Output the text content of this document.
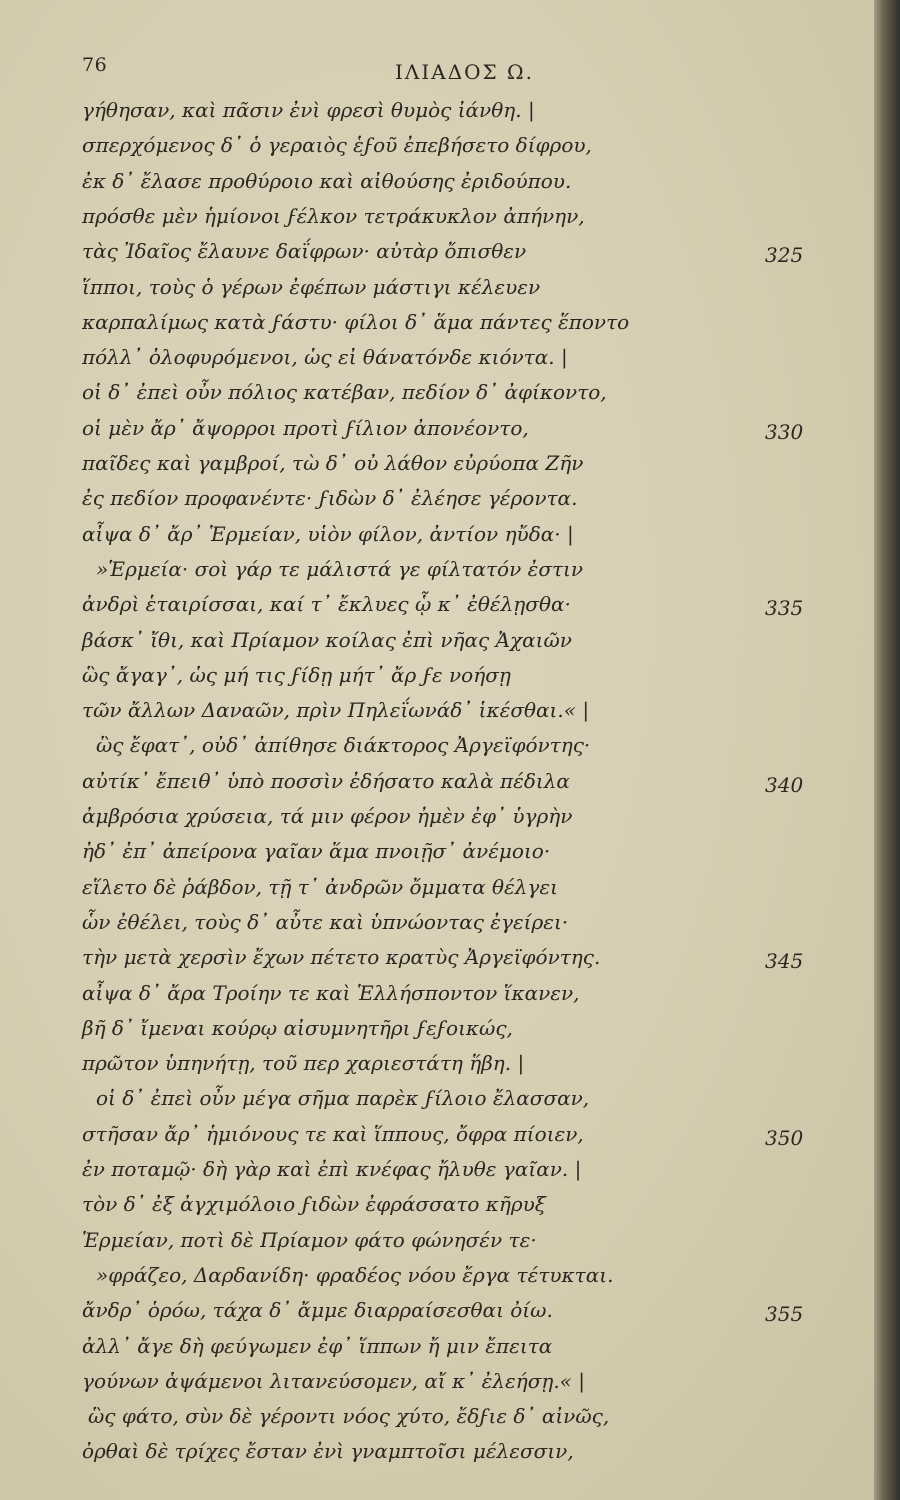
76	ΙΛΙΑΔΟΣ Ω.
γήθησαν, καὶ πᾶσιν ἐνὶ φρεσὶ θυμὸς ἰάνθη. |
σπερχόμενος δ᾽ ὁ γεραιὸς ἑϝοῦ ἐπεβήσετο δίφρου,
ἐκ δ᾽ ἔλασε προθύροιο καὶ αἰθούσης ἐριδούπου.
πρόσθε μὲν ἡμίονοι ϝέλκον τετράκυκλον ἀπήνην,
τὰς Ἰδαῖος ἔλαυνε δαΐφρων· αὐτὰρ ὄπισθεν	325
ἵπποι, τοὺς ὁ γέρων ἐφέπων μάστιγι κέλευεν
καρπαλίμως κατὰ ϝάστυ· φίλοι δ᾽ ἅμα πάντες ἕποντο
πόλλ᾽ ὀλοφυρόμενοι, ὡς εἰ θάνατόνδε κιόντα. |
οἱ δ᾽ ἐπεὶ οὖν πόλιος κατέβαν, πεδίον δ᾽ ἀφίκοντο,
οἱ μὲν ἄρ᾽ ἄψορροι προτὶ ϝίλιον ἀπονέοντο,	330
παῖδες καὶ γαμβροί, τὼ δ᾽ οὐ λάθον εὐρύοπα Ζῆν
ἐς πεδίον προφανέντε· ϝιδὼν δ᾽ ἐλέησε γέροντα.
αἶψα δ᾽ ἄρ᾽ Ἑρμείαν, υἱὸν φίλον, ἀντίον ηὔδα· |
»Ἑρμεία· σοὶ γάρ τε μάλιστά γε φίλτατόν ἐστιν
ἀνδρὶ ἑταιρίσσαι, καί τ᾽ ἔκλυες ᾧ κ᾽ ἐθέλῃσθα·	335
βάσκ᾽ ἴθι, καὶ Πρίαμον κοίλας ἐπὶ νῆας Ἀχαιῶν
ὣς ἄγαγ᾽, ὡς μή τις ϝίδῃ μήτ᾽ ἄρ ϝε νοήσῃ
τῶν ἄλλων Δαναῶν, πρὶν Πηλεΐωνάδ᾽ ἱκέσθαι.« |
ὣς ἔφατ᾽, οὐδ᾽ ἀπίθησε διάκτορος Ἀργεϊφόντης·
αὐτίκ᾽ ἔπειθ᾽ ὑπὸ ποσσὶν ἐδήσατο καλὰ πέδιλα	340
ἀμβρόσια χρύσεια, τά μιν φέρον ἠμὲν ἐφ᾽ ὑγρὴν
ἠδ᾽ ἐπ᾽ ἀπείρονα γαῖαν ἅμα πνοιῇσ᾽ ἀνέμοιο·
εἵλετο δὲ ῥάβδον, τῇ τ᾽ ἀνδρῶν ὄμματα θέλγει
ὧν ἐθέλει, τοὺς δ᾽ αὖτε καὶ ὑπνώοντας ἐγείρει·
τὴν μετὰ χερσὶν ἔχων πέτετο κρατὺς Ἀργεϊφόντης.	345
αἶψα δ᾽ ἄρα Τροίην τε καὶ Ἑλλήσποντον ἵκανεν,
βῆ δ᾽ ἴμεναι κούρῳ αἰσυμνητῆρι ϝεϝοικώς,
πρῶτον ὑπηνήτῃ, τοῦ περ χαριεστάτη ἥβη. |
οἱ δ᾽ ἐπεὶ οὖν μέγα σῆμα παρὲκ ϝίλοιο ἔλασσαν,
στῆσαν ἄρ᾽ ἡμιόνους τε καὶ ἵππους, ὄφρα πίοιεν,	350
ἐν ποταμῷ· δὴ γὰρ καὶ ἐπὶ κνέφας ἤλυθε γαῖαν. |
τὸν δ᾽ ἐξ ἀγχιμόλοιο ϝιδὼν ἐφράσσατο κῆρυξ
Ἑρμείαν, ποτὶ δὲ Πρίαμον φάτο φώνησέν τε·
»φράζεο, Δαρδανίδη· φραδέος νόου ἔργα τέτυκται.
ἄνδρ᾽ ὁρόω, τάχα δ᾽ ἄμμε διαρραίσεσθαι ὀίω.	355
ἀλλ᾽ ἄγε δὴ φεύγωμεν ἐφ᾽ ἵππων ἤ μιν ἔπειτα
γούνων ἁψάμενοι λιτανεύσομεν, αἴ κ᾽ ἐλεήσῃ.« |
ὣς φάτο, σὺν δὲ γέροντι νόος χύτο, ἔδϝιε δ᾽ αἰνῶς,
ὀρθαὶ δὲ τρίχες ἔσταν ἐνὶ γναμπτοῖσι μέλεσσιν,
